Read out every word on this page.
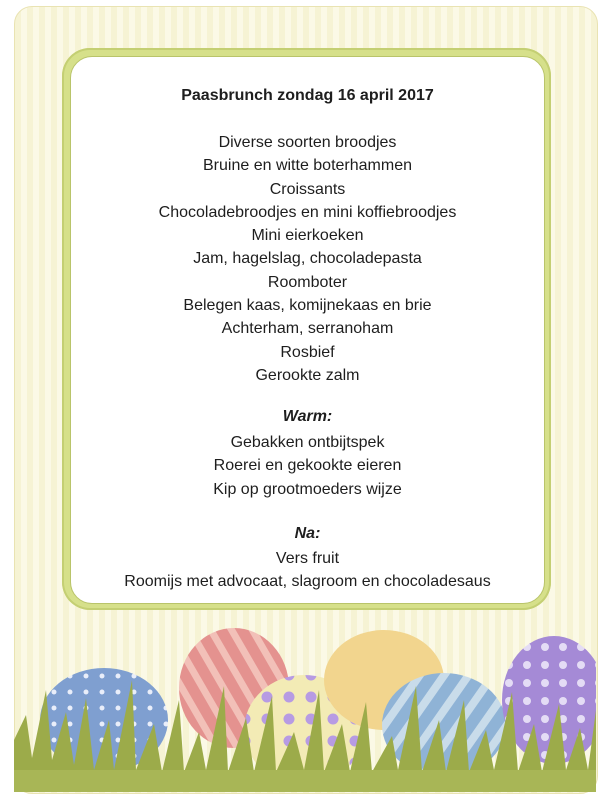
Paasbrunch zondag 16 april 2017
Diverse soorten broodjes
Bruine en witte boterhammen
Croissants
Chocoladebroodjes en mini koffiebroodjes
Mini eierkoeken
Jam, hagelslag, chocoladepasta
Roomboter
Belegen kaas, komijnekaas en brie
Achterham, serranoham
Rosbief
Gerookte zalm
Warm:
Gebakken ontbijtspek
Roerei en gekookte eieren
Kip op grootmoeders wijze
Na:
Vers fruit
Roomijs met advocaat, slagroom en chocoladesaus
